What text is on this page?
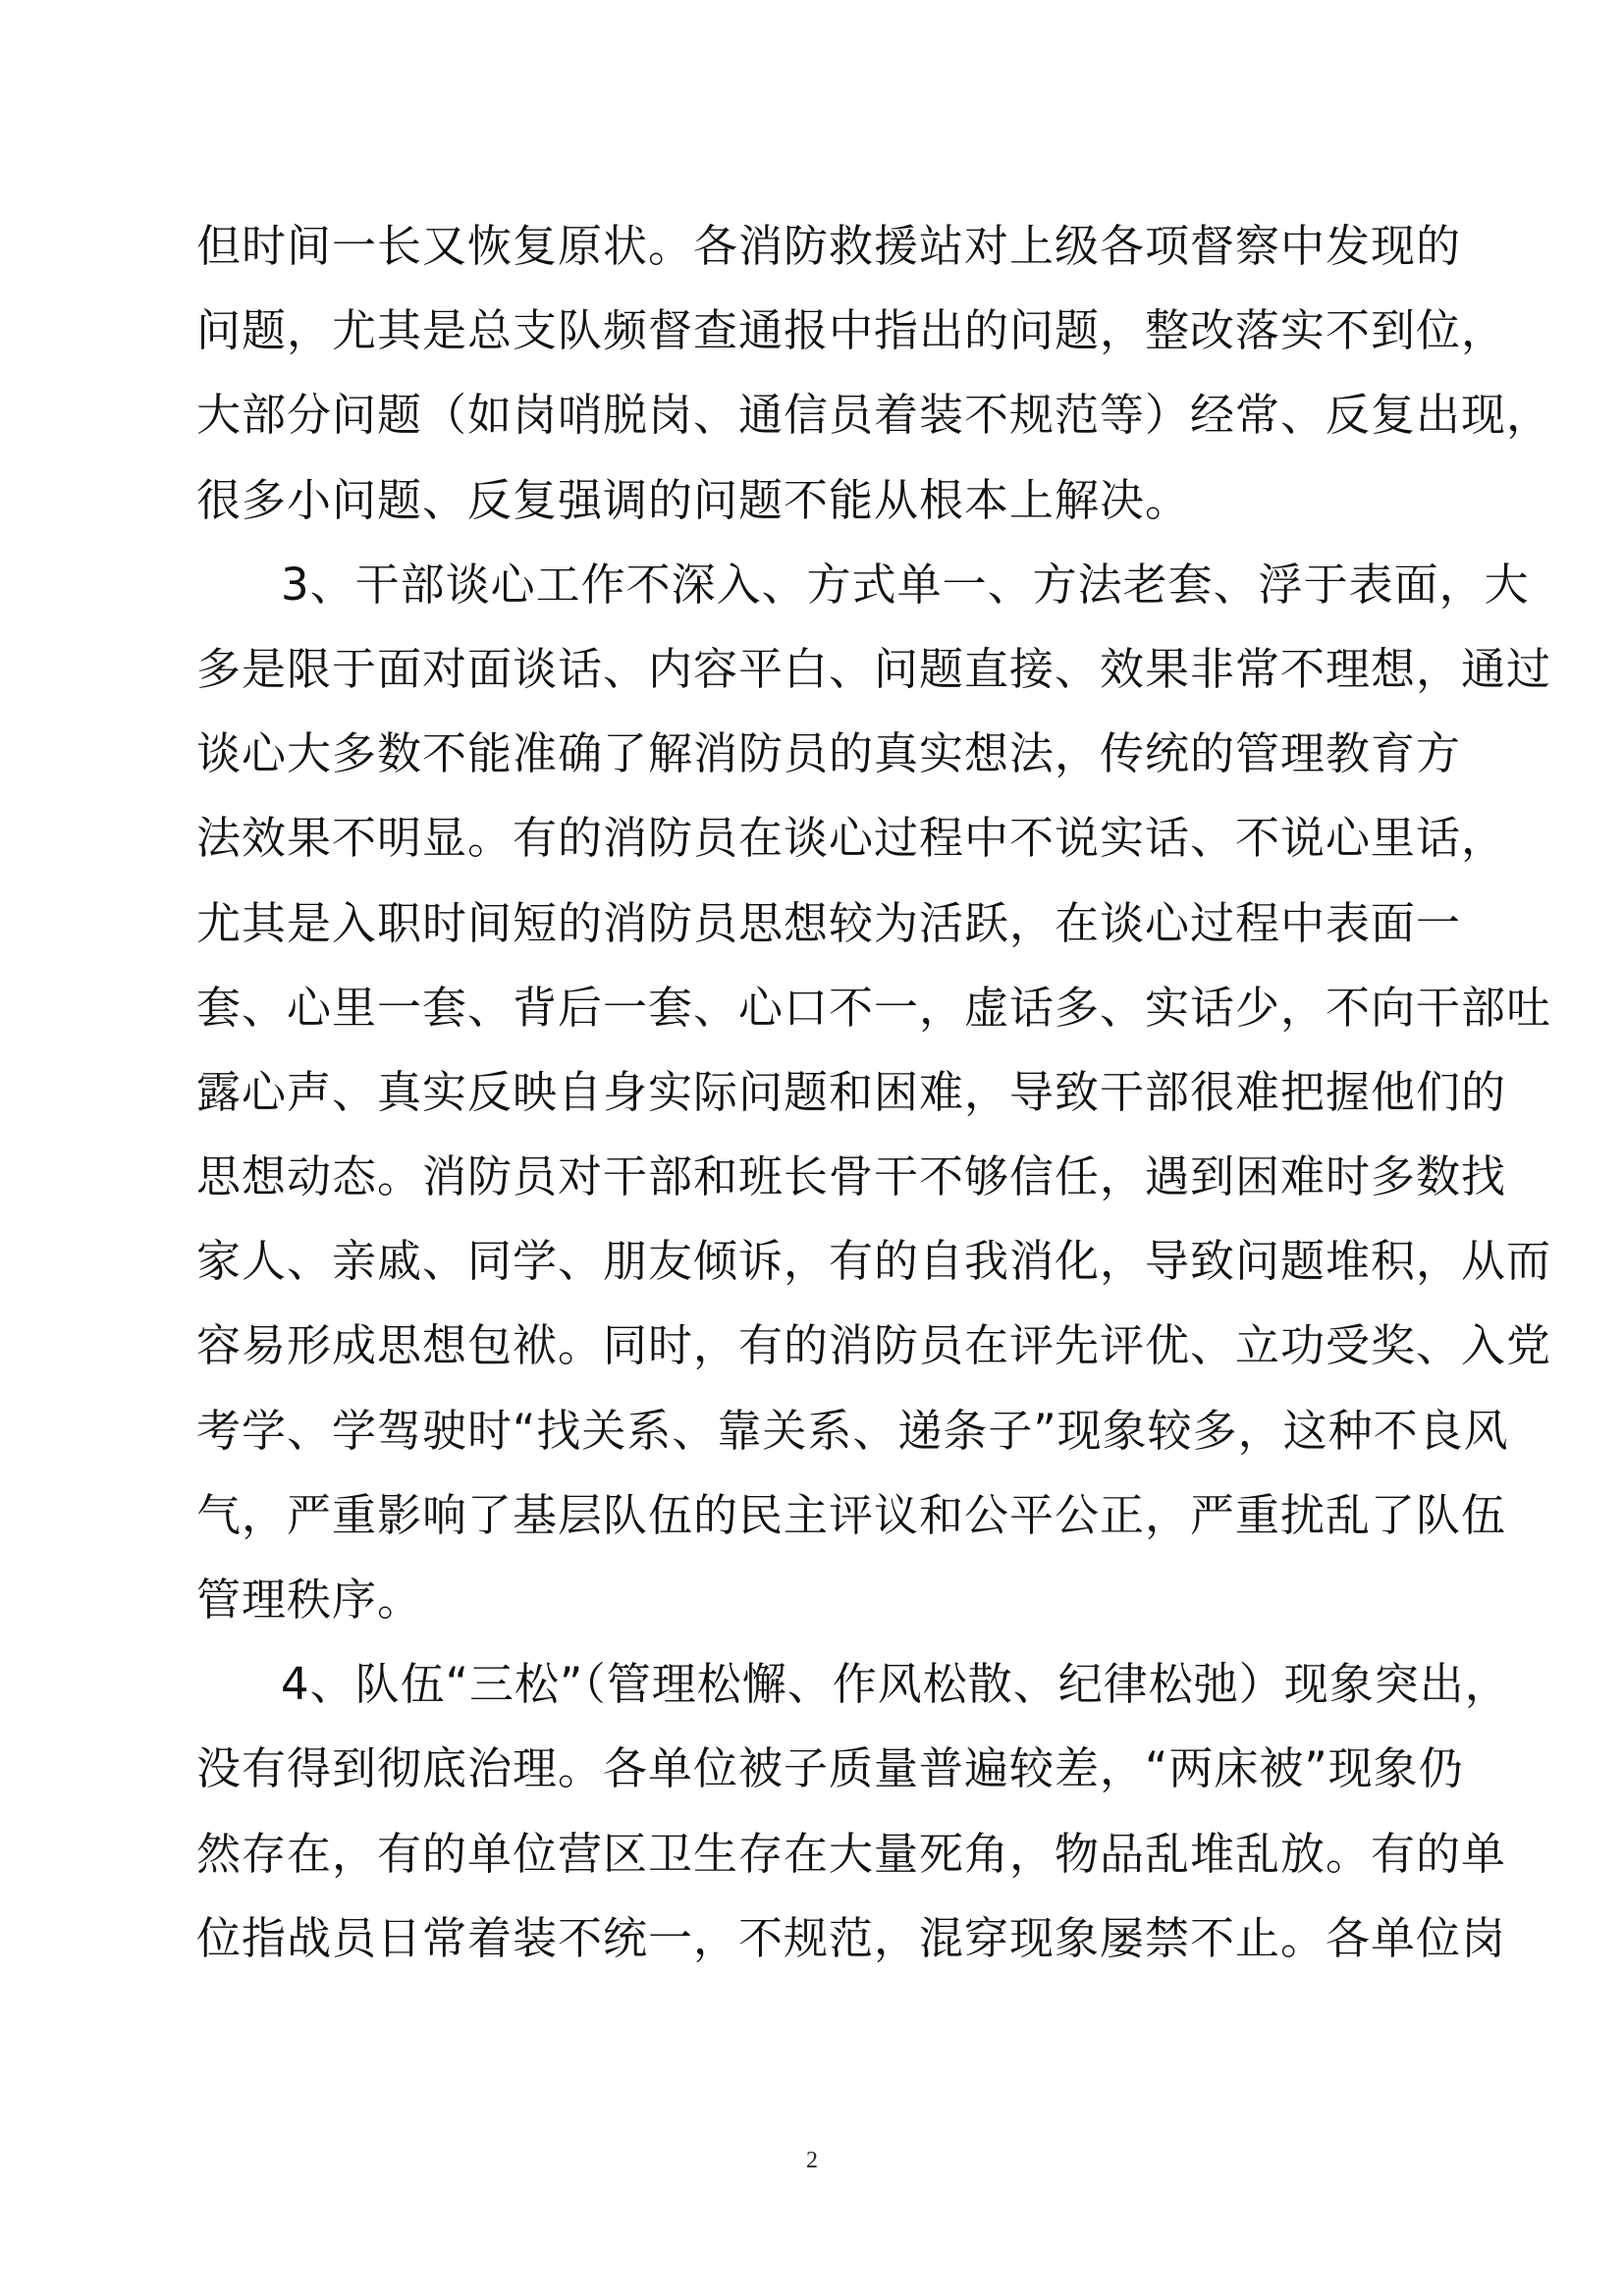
但时间一长又恢复原状。各消防救援站对上级各项督察中发现的
问题，尤其是总支队频督查通报中指出的问题，整改落实不到位，
大部分问题（如岗哨脱岗、通信员着装不规范等）经常、反复出现，
很多小问题、反复强调的问题不能从根本上解决。
3、干部谈心工作不深入、方式单一、方法老套、浮于表面，大
多是限于面对面谈话、内容平白、问题直接、效果非常不理想，通过
谈心大多数不能准确了解消防员的真实想法，传统的管理教育方
法效果不明显。有的消防员在谈心过程中不说实话、不说心里话，
尤其是入职时间短的消防员思想较为活跃，在谈心过程中表面一
套、心里一套、背后一套、心口不一，虚话多、实话少，不向干部吐
露心声、真实反映自身实际问题和困难，导致干部很难把握他们的
思想动态。消防员对干部和班长骨干不够信任，遇到困难时多数找
家人、亲戚、同学、朋友倾诉，有的自我消化，导致问题堆积，从而
容易形成思想包袱。同时，有的消防员在评先评优、立功受奖、入党
考学、学驾驶时“找关系、靠关系、递条子”现象较多，这种不良风
气，严重影响了基层队伍的民主评议和公平公正，严重扰乱了队伍
管理秩序。
4、队伍“三松”（管理松懈、作风松散、纪律松弛）现象突出，
没有得到彻底治理。各单位被子质量普遍较差，“两床被”现象仍
然存在，有的单位营区卫生存在大量死角，物品乱堆乱放。有的单
位指战员日常着装不统一，不规范，混穿现象屡禁不止。各单位岗
2
